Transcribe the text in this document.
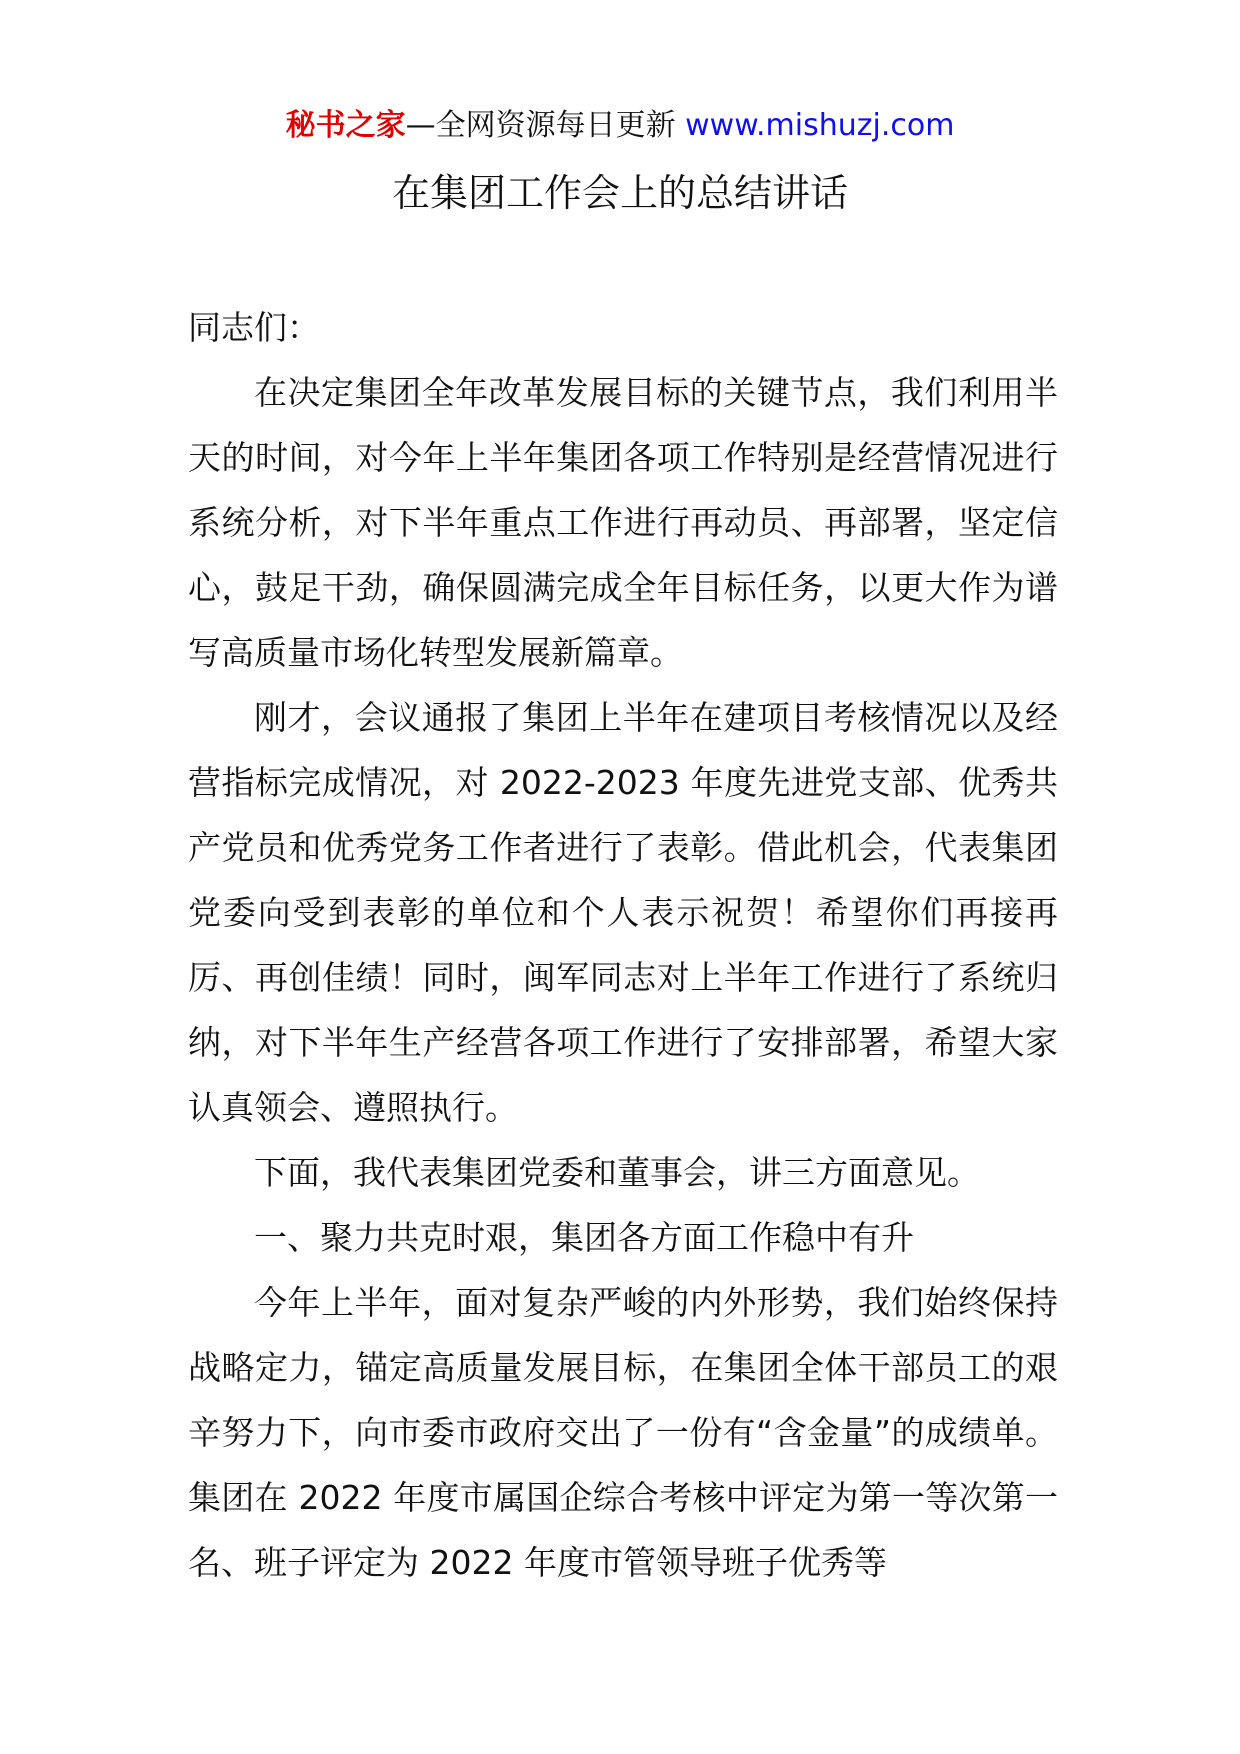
秘书之家—全网资源每日更新 www.mishuzj.com
在集团工作会上的总结讲话

同志们：

在决定集团全年改革发展目标的关键节点，我们利用半天的时间，对今年上半年集团各项工作特别是经营情况进行系统分析，对下半年重点工作进行再动员、再部署，坚定信心，鼓足干劲，确保圆满完成全年目标任务，以更大作为谱写高质量市场化转型发展新篇章。

刚才，会议通报了集团上半年在建项目考核情况以及经营指标完成情况，对 2022-2023 年度先进党支部、优秀共产党员和优秀党务工作者进行了表彰。借此机会，代表集团党委向受到表彰的单位和个人表示祝贺！希望你们再接再厉、再创佳绩！同时，闽军同志对上半年工作进行了系统归纳，对下半年生产经营各项工作进行了安排部署，希望大家认真领会、遵照执行。

下面，我代表集团党委和董事会，讲三方面意见。

一、聚力共克时艰，集团各方面工作稳中有升

今年上半年，面对复杂严峻的内外形势，我们始终保持战略定力，锚定高质量发展目标，在集团全体干部员工的艰辛努力下，向市委市政府交出了一份有“含金量”的成绩单。集团在 2022 年度市属国企综合考核中评定为第一等次第一名、班子评定为 2022 年度市管领导班子优秀等
